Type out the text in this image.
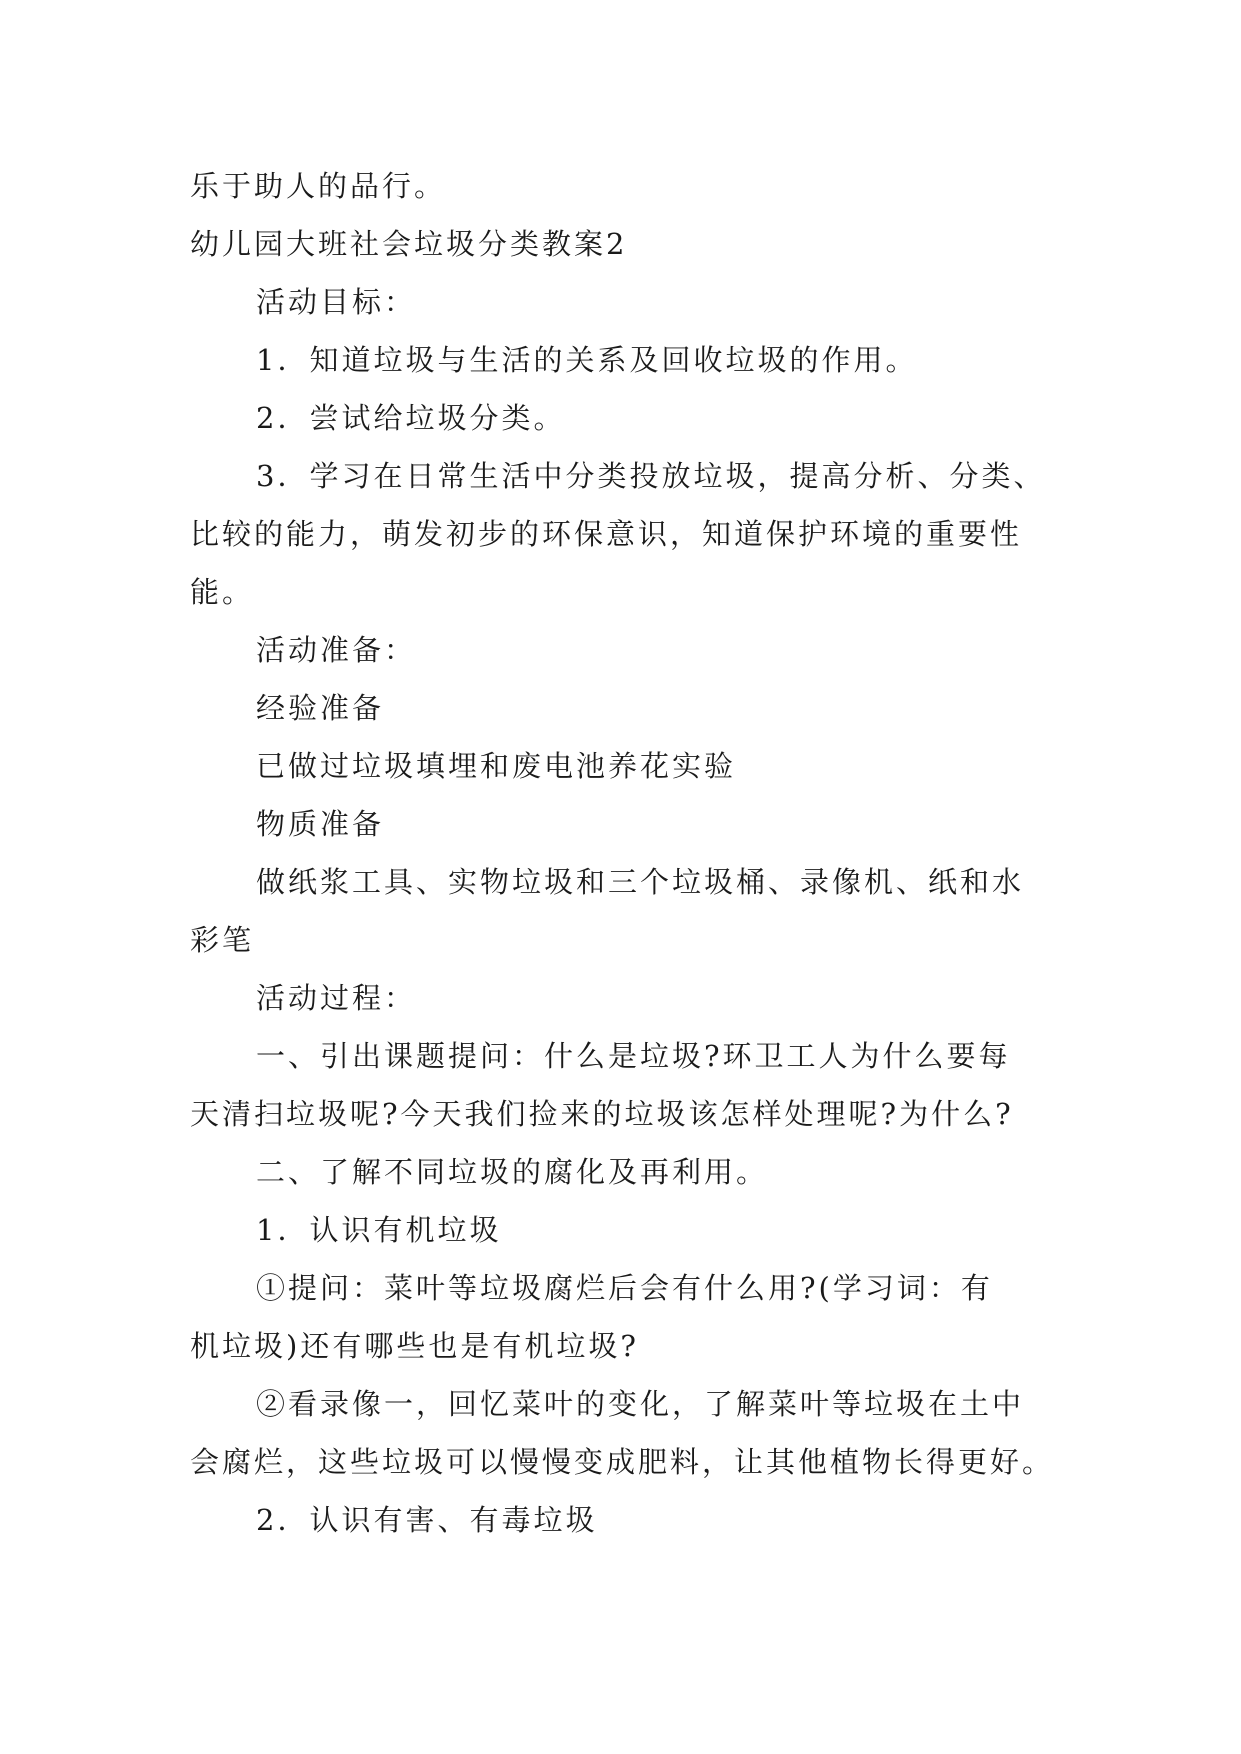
乐于助人的品行。
幼儿园大班社会垃圾分类教案2
活动目标：
1．知道垃圾与生活的关系及回收垃圾的作用。
2．尝试给垃圾分类。
3．学习在日常生活中分类投放垃圾，提高分析、分类、
比较的能力，萌发初步的环保意识，知道保护环境的重要性
能。
活动准备：
经验准备
已做过垃圾填埋和废电池养花实验
物质准备
做纸浆工具、实物垃圾和三个垃圾桶、录像机、纸和水
彩笔
活动过程：
一、引出课题提问：什么是垃圾?环卫工人为什么要每
天清扫垃圾呢?今天我们捡来的垃圾该怎样处理呢?为什么?
二、了解不同垃圾的腐化及再利用。
1．认识有机垃圾
①提问：菜叶等垃圾腐烂后会有什么用?(学习词：有
机垃圾)还有哪些也是有机垃圾?
②看录像一，回忆菜叶的变化，了解菜叶等垃圾在土中
会腐烂，这些垃圾可以慢慢变成肥料，让其他植物长得更好。
2．认识有害、有毒垃圾
